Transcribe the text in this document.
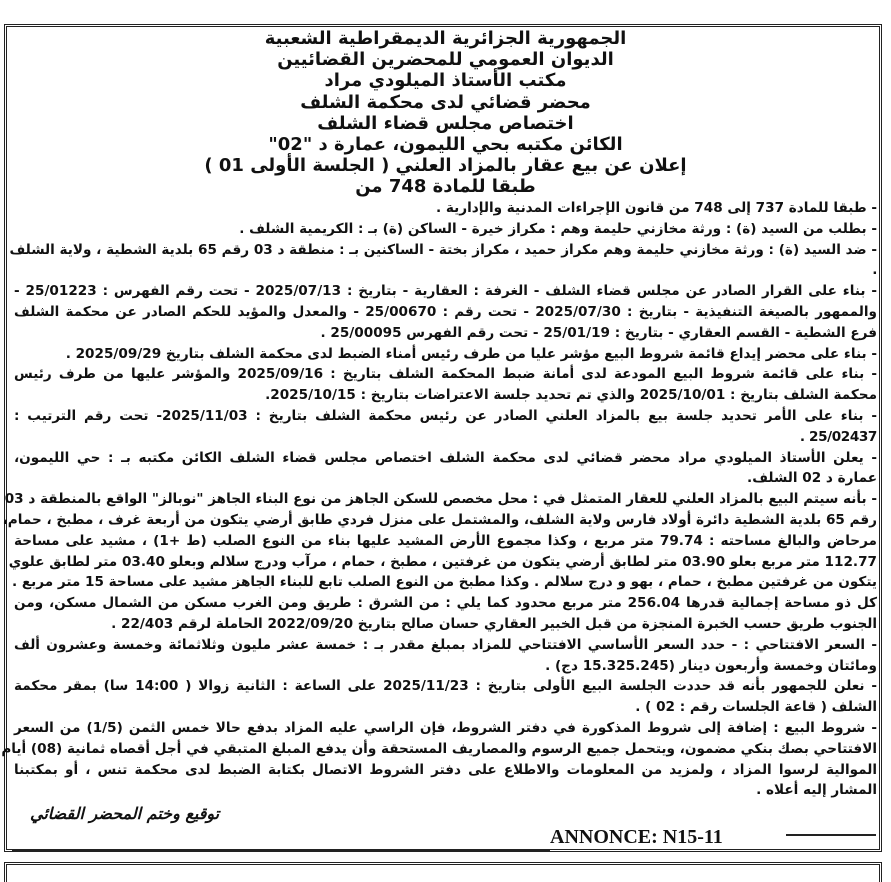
الجمهورية الجزائرية الديمقراطية الشعبية
الديوان العمومي للمحضرين القضائيين
مكتب الأستاذ الميلودي مراد
محضر قضائي لدى محكمة الشلف
اختصاص مجلس قضاء الشلف
الكائن مكتبه بحي الليمون، عمارة د "02"
إعلان عن بيع عقار بالمزاد العلني ( الجلسة الأولى 01 )
طبقا للمادة 748 من
- طبقا للمادة 737 إلى 748 من قانون الإجراءات المدنية والإدارية .
- بطلب من السيد (ة) : ورثة مخازني حليمة وهم : مكراز خيرة - الساكن (ة) بـ : الكريمية الشلف .
- ضد السيد (ة) : ورثة مخازني حليمة وهم مكراز حميد ، مكراز بختة - الساكنين بـ : منطقة د 03 رقم 65 بلدية الشطية ، ولاية الشلف
.
- بناء على القرار الصادر عن مجلس قضاء الشلف - الغرفة : العقارية - بتاريخ : 2025/07/13 - تحت رقم الفهرس : 25/01223 -
والممهور بالصيغة التنفيذية - بتاريخ : 2025/07/30 - تحت رقم : 25/00670 - والمعدل والمؤيد للحكم الصادر عن محكمة الشلف
فرع الشطية - القسم العقاري - بتاريخ : 25/01/19 - تحت رقم الفهرس 25/00095 .
- بناء على محضر إيداع قائمة شروط البيع مؤشر عليا من طرف رئيس أمناء الضبط لدى محكمة الشلف بتاريخ 2025/09/29 .
- بناء على قائمة شروط البيع المودعة لدى أمانة ضبط المحكمة الشلف بتاريخ : 2025/09/16 والمؤشر عليها من طرف رئيس
محكمة الشلف بتاريخ : 2025/10/01 والذي تم تحديد جلسة الاعتراضات بتاريخ : 2025/10/15.
- بناء على الأمر تحديد جلسة بيع بالمزاد العلني الصادر عن رئيس محكمة الشلف بتاريخ : 2025/11/03- تحت رقم الترتيب :
25/02437 .
- يعلن الأستاذ الميلودي مراد محضر قضائي لدى محكمة الشلف اختصاص مجلس قضاء الشلف الكائن مكتبه بـ : حي الليمون،
عمارة د 02 الشلف.
- بأنه سيتم البيع بالمزاد العلني للعقار المتمثل في : محل مخصص للسكن الجاهز من نوع البناء الجاهز "نوبالز" الواقع بالمنطقة د 03
رقم 65 بلدية الشطية دائرة أولاد فارس ولاية الشلف، والمشتمل على منزل فردي طابق أرضي يتكون من أربعة غرف ، مطبخ ، حمام،
مرحاض والبالغ مساحته : 79.74 متر مربع ، وكذا مجموع الأرض المشيد عليها بناء من النوع الصلب (ط +1) ، مشيد على مساحة
112.77 متر مربع بعلو 03.90 متر لطابق أرضي يتكون من غرفتين ، مطبخ ، حمام ، مرآب ودرج سلالم وبعلو 03.40 متر لطابق علوي
يتكون من غرفتين مطبخ ، حمام ، بهو و درج سلالم . وكذا مطبخ من النوع الصلب تابع للبناء الجاهز مشيد على مساحة 15 متر مربع .
كل ذو مساحة إجمالية قدرها 256.04 متر مربع محدود كما يلي : من الشرق : طريق ومن الغرب مسكن من الشمال مسكن، ومن
الجنوب طريق حسب الخبرة المنجزة من قبل الخبير العقاري حسان صالح بتاريخ 2022/09/20 الحاملة لرقم 22/403 .
- السعر الافتتاحي : - حدد السعر الأساسي الافتتاحي للمزاد بمبلغ مقدر بـ : خمسة عشر مليون وثلاثمائة وخمسة وعشرون ألف
ومائتان وخمسة وأربعون دينار (15.325.245 دج) .
- نعلن للجمهور بأنه قد حددت الجلسة البيع الأولى بتاريخ : 2025/11/23 على الساعة : الثانية زوالا ( 14:00 سا) بمقر محكمة
الشلف ( قاعة الجلسات رقم : 02 ) .
- شروط البيع : إضافة إلى شروط المذكورة في دفتر الشروط، فإن الراسي عليه المزاد بدفع حالا خمس الثمن (1/5) من السعر
الافتتاحي بصك بنكي مضمون، ويتحمل جميع الرسوم والمصاريف المستحقة وأن يدفع المبلغ المتبقي في أجل أقصاه ثمانية (08) أيام
الموالية لرسوا المزاد ، ولمزيد من المعلومات والاطلاع على دفتر الشروط الاتصال بكتابة الضبط لدى محكمة تنس ، أو بمكتبنا
المشار إليه أعلاه .
توقيع وختم المحضر القضائي
ANNONCE: N15-11
